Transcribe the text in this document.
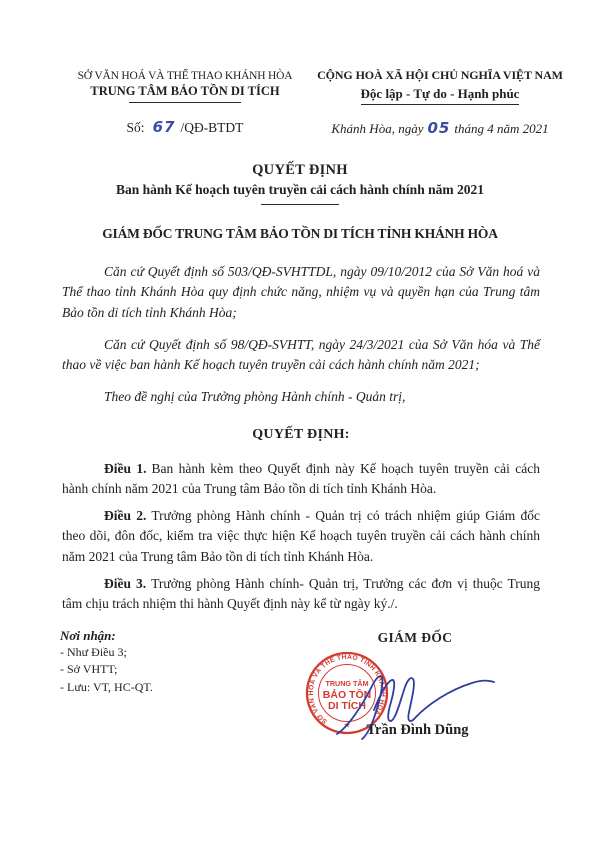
SỞ VĂN HOÁ VÀ THỂ THAO KHÁNH HÒA
TRUNG TÂM BẢO TỒN DI TÍCH
Số: 67 /QĐ-BTDT
CỘNG HOÀ XÃ HỘI CHỦ NGHĨA VIỆT NAM
Độc lập - Tự do - Hạnh phúc
Khánh Hòa, ngày 05 tháng 4 năm 2021
QUYẾT ĐỊNH
Ban hành Kế hoạch tuyên truyền cải cách hành chính năm 2021
GIÁM ĐỐC TRUNG TÂM BẢO TỒN DI TÍCH TỈNH KHÁNH HÒA

Căn cứ Quyết định số 503/QĐ-SVHTTDL, ngày 09/10/2012 của Sở Văn hoá và Thể thao tỉnh Khánh Hòa quy định chức năng, nhiệm vụ và quyền hạn của Trung tâm Bảo tồn di tích tỉnh Khánh Hòa;

Căn cứ Quyết định số 98/QĐ-SVHTT, ngày 24/3/2021 của Sở Văn hóa và Thể thao về việc ban hành Kế hoạch tuyên truyền cải cách hành chính năm 2021;

Theo đề nghị của Trưởng phòng Hành chính - Quản trị,

QUYẾT ĐỊNH:

Điều 1. Ban hành kèm theo Quyết định này Kế hoạch tuyên truyền cải cách hành chính năm 2021 của Trung tâm Bảo tồn di tích tỉnh Khánh Hòa.

Điều 2. Trưởng phòng Hành chính - Quản trị có trách nhiệm giúp Giám đốc theo dõi, đôn đốc, kiểm tra việc thực hiện Kế hoạch tuyên truyền cải cách hành chính năm 2021 của Trung tâm Bảo tồn di tích tỉnh Khánh Hòa.

Điều 3. Trưởng phòng Hành chính- Quản trị, Trưởng các đơn vị thuộc Trung tâm chịu trách nhiệm thi hành Quyết định này kể từ ngày ký./.

Nơi nhận:
- Như Điều 3;
- Sở VHTT;
- Lưu: VT, HC-QT.
GIÁM ĐỐC
SỞ VĂN HÓA VÀ THỂ THAO TỈNH KHÁNH HÒA
TRUNG TÂM
BẢO TỒN
DI TÍCH
★	Trần Đình Dũng
